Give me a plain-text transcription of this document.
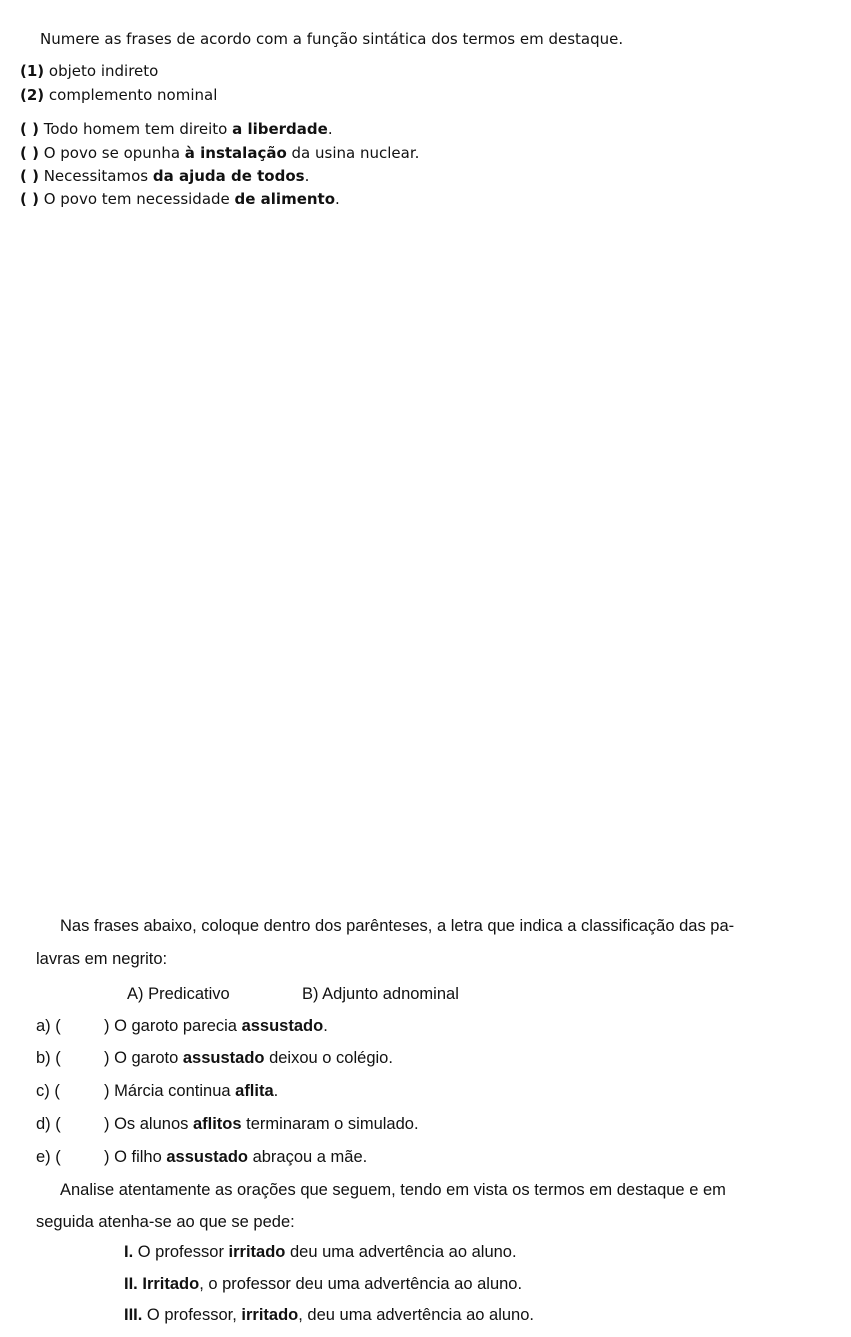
Numere as frases de acordo com a função sintática dos termos em destaque.
(1) objeto indireto
(2) complemento nominal
( ) Todo homem tem direito a liberdade.
( ) O povo se opunha à instalação da usina nuclear.
( ) Necessitamos da ajuda de todos.
( ) O povo tem necessidade de alimento.
Nas frases abaixo, coloque dentro dos parênteses, a letra que indica a classificação das pa-
lavras em negrito:
A) Predicativo	B) Adjunto adnominal
a) (	) O garoto parecia assustado.
b) (	) O garoto assustado deixou o colégio.
c) (	) Márcia continua aflita.
d) (	) Os alunos aflitos terminaram o simulado.
e) (	) O filho assustado abraçou a mãe.
Analise atentamente as orações que seguem, tendo em vista os termos em destaque e em
seguida atenha-se ao que se pede:
I. O professor irritado deu uma advertência ao aluno.
II. Irritado, o professor deu uma advertência ao aluno.
III. O professor, irritado, deu uma advertência ao aluno.
